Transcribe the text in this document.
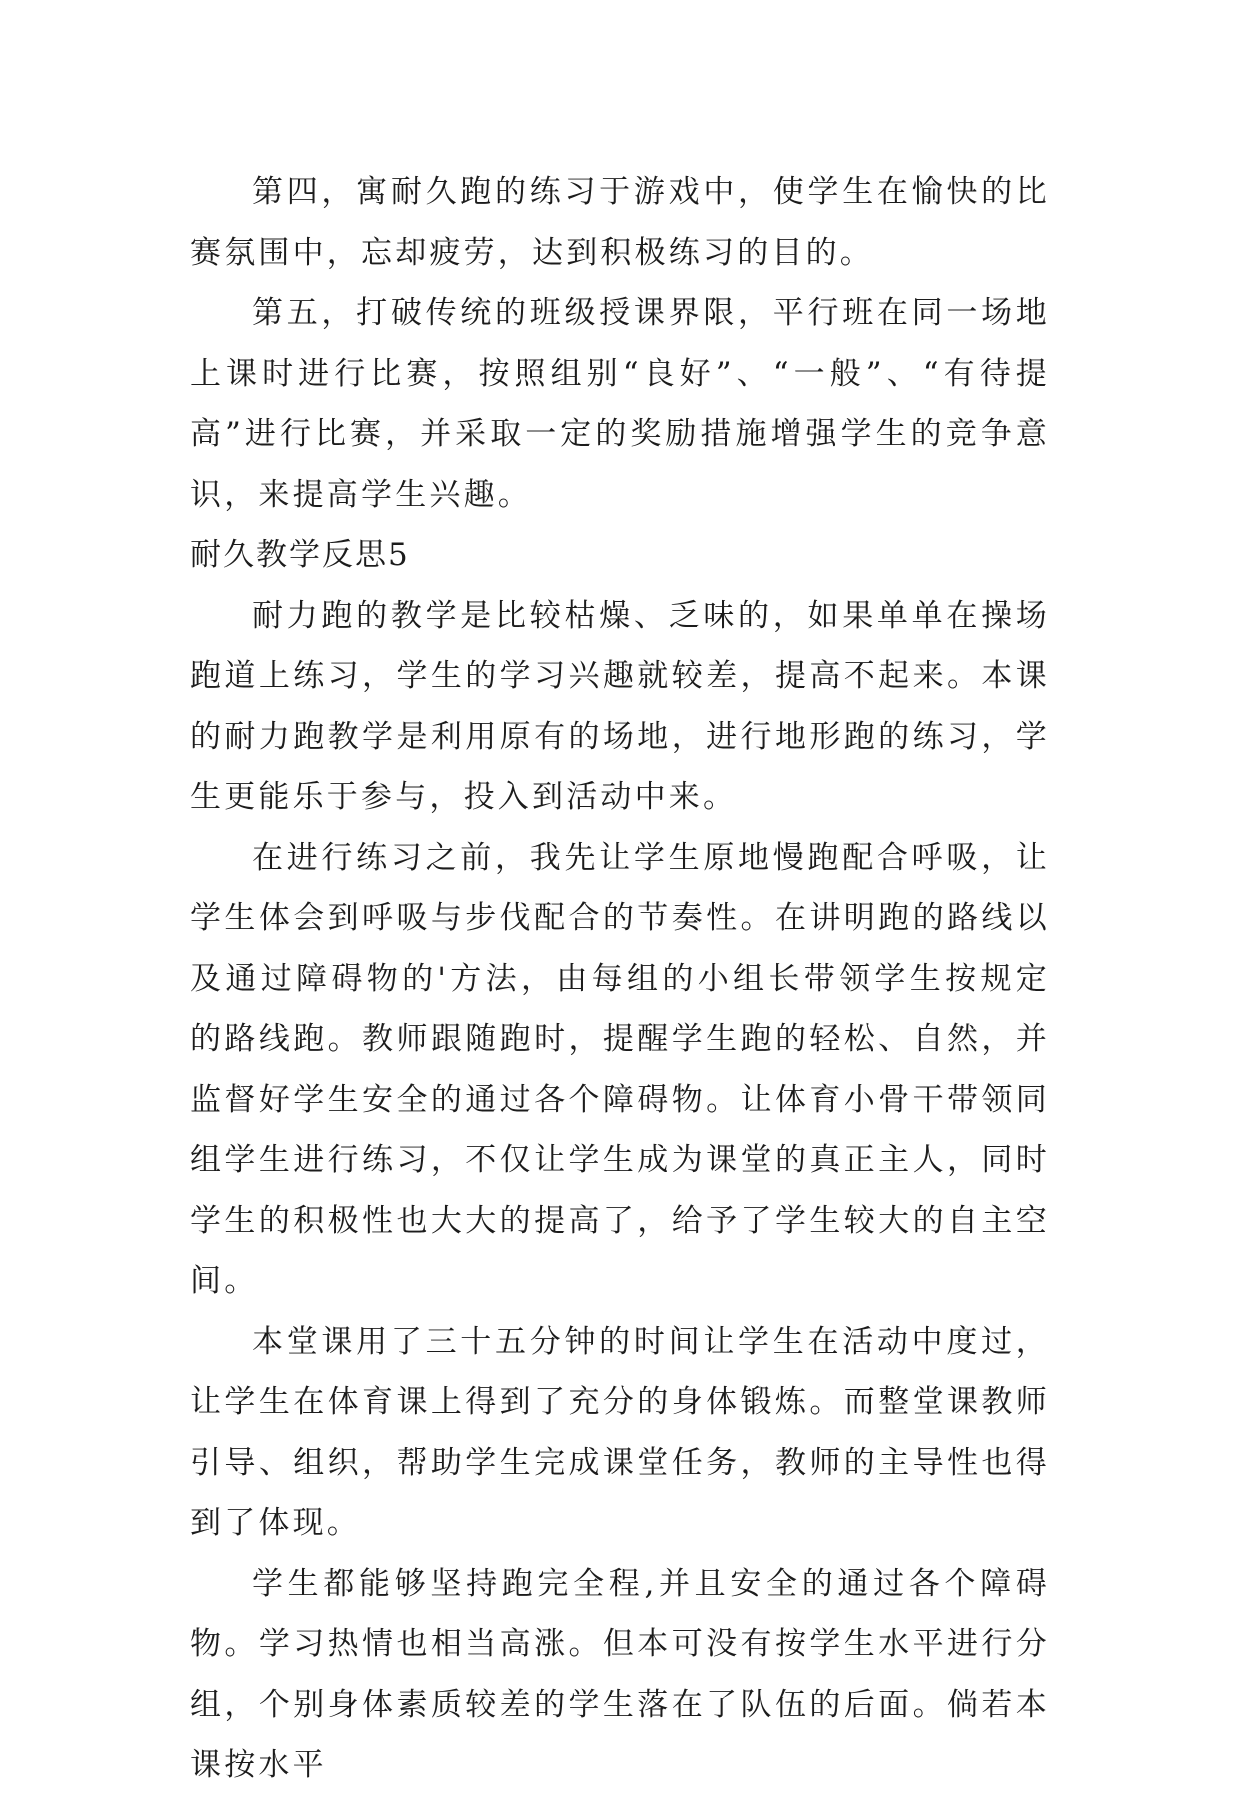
第四，寓耐久跑的练习于游戏中，使学生在愉快的比赛氛围中，忘却疲劳，达到积极练习的目的。

第五，打破传统的班级授课界限，平行班在同一场地上课时进行比赛，按照组别“良好”、“一般”、“有待提高”进行比赛，并采取一定的奖励措施增强学生的竞争意识，来提高学生兴趣。

耐久教学反思5

耐力跑的教学是比较枯燥、乏味的，如果单单在操场跑道上练习，学生的学习兴趣就较差，提高不起来。本课的耐力跑教学是利用原有的场地，进行地形跑的练习，学生更能乐于参与，投入到活动中来。

在进行练习之前，我先让学生原地慢跑配合呼吸，让学生体会到呼吸与步伐配合的节奏性。在讲明跑的路线以及通过障碍物的'方法，由每组的小组长带领学生按规定的路线跑。教师跟随跑时，提醒学生跑的轻松、自然，并监督好学生安全的通过各个障碍物。让体育小骨干带领同组学生进行练习，不仅让学生成为课堂的真正主人，同时学生的积极性也大大的提高了，给予了学生较大的自主空间。

本堂课用了三十五分钟的时间让学生在活动中度过，让学生在体育课上得到了充分的身体锻炼。而整堂课教师引导、组织，帮助学生完成课堂任务，教师的主导性也得到了体现。

学生都能够坚持跑完全程,并且安全的通过各个障碍物。学习热情也相当高涨。但本可没有按学生水平进行分组，个别身体素质较差的学生落在了队伍的后面。倘若本课按水平
